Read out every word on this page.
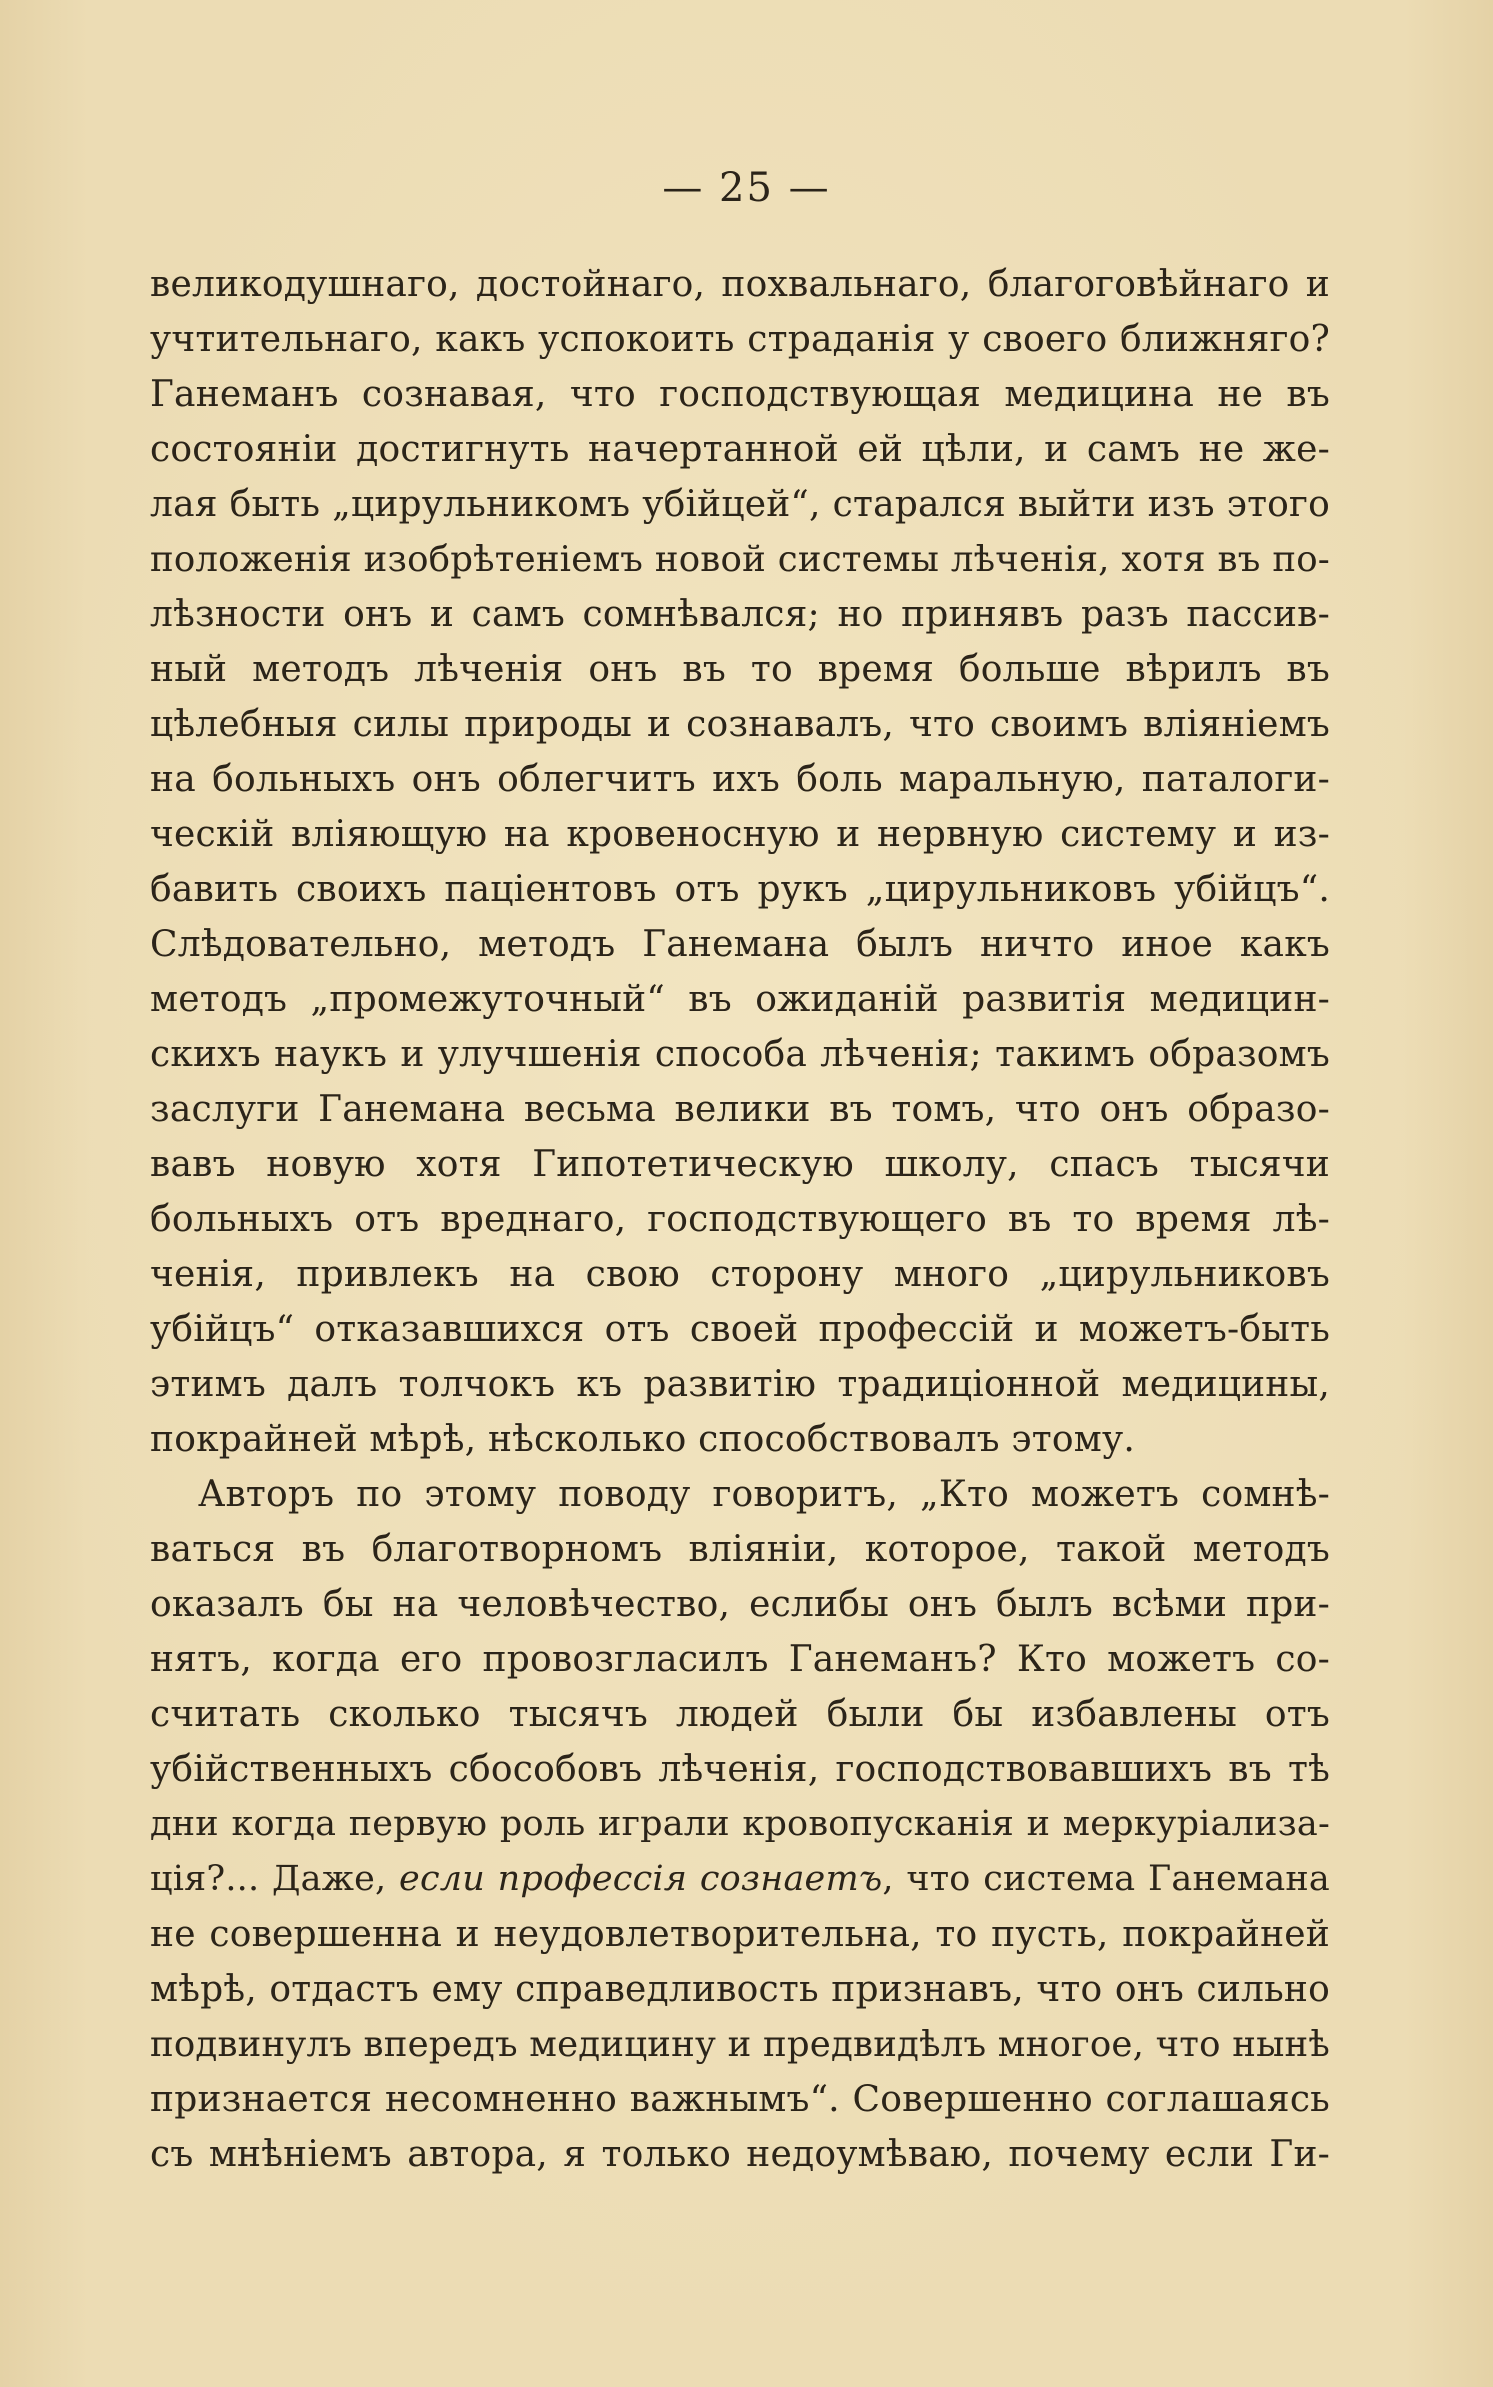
— 25 —
великодушнаго, достойнаго, похвальнаго, благоговѣйнаго и
учтительнаго, какъ успокоить страданія у своего ближняго?
Ганеманъ сознавая, что господствующая медицина не въ
состояніи достигнуть начертанной ей цѣли, и самъ не же-
лая быть „цирульникомъ убійцей“, старался выйти изъ этого
положенія изобрѣтеніемъ новой системы лѣченія, хотя въ по-
лѣзности онъ и самъ сомнѣвался; но принявъ разъ пассив-
ный методъ лѣченія онъ въ то время больше вѣрилъ въ
цѣлебныя силы природы и сознавалъ, что своимъ вліяніемъ
на больныхъ онъ облегчитъ ихъ боль маральную, паталоги-
ческій вліяющую на кровеносную и нервную систему и из-
бавить своихъ паціентовъ отъ рукъ „цирульниковъ убійцъ“.
Слѣдовательно, методъ Ганемана былъ ничто иное какъ
методъ „промежуточный“ въ ожиданій развитія медицин-
скихъ наукъ и улучшенія способа лѣченія; такимъ образомъ
заслуги Ганемана весьма велики въ томъ, что онъ образо-
вавъ новую хотя Гипотетическую школу, спасъ тысячи
больныхъ отъ вреднаго, господствующего въ то время лѣ-
ченія, привлекъ на свою сторону много „цирульниковъ
убійцъ“ отказавшихся отъ своей профессій и можетъ-быть
этимъ далъ толчокъ къ развитію традиціонной медицины,
покрайней мѣрѣ, нѣсколько способствовалъ этому.
Авторъ по этому поводу говоритъ, „Кто можетъ сомнѣ-
ваться въ благотворномъ вліяніи, которое, такой методъ
оказалъ бы на человѣчество, еслибы онъ былъ всѣми при-
нятъ, когда его провозгласилъ Ганеманъ? Кто можетъ со-
считать сколько тысячъ людей были бы избавлены отъ
убійственныхъ сбособовъ лѣченія, господствовавшихъ въ тѣ
дни когда первую роль играли кровопусканія и меркуріализа-
ція?... Даже, если профессія сознаетъ, что система Ганемана
не совершенна и неудовлетворительна, то пусть, покрайней
мѣрѣ, отдастъ ему справедливость признавъ, что онъ сильно
подвинулъ впередъ медицину и предвидѣлъ многое, что нынѣ
признается несомненно важнымъ“. Совершенно соглашаясь
съ мнѣніемъ автора, я только недоумѣваю, почему если Ги-
